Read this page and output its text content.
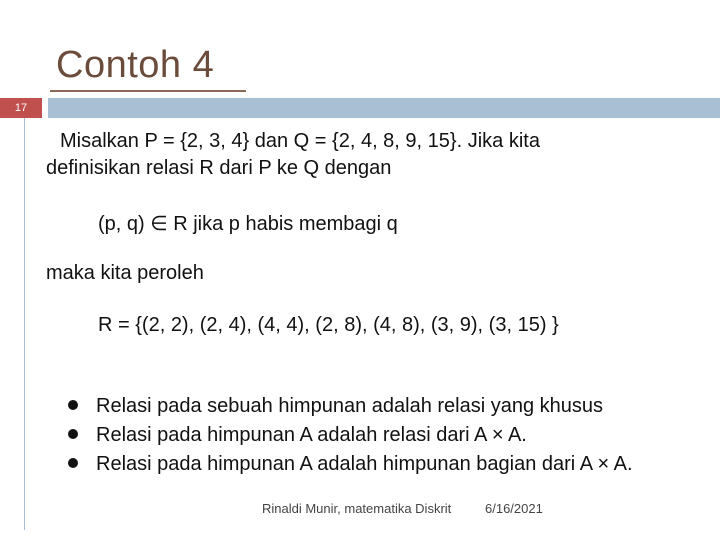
Contoh 4
17
Misalkan P = {2, 3, 4} dan Q = {2, 4, 8, 9, 15}. Jika kita
definisikan relasi R dari P ke Q dengan
(p, q) ∈ R jika p habis membagi q
maka kita peroleh
R = {(2, 2), (2, 4), (4, 4), (2, 8), (4, 8), (3, 9), (3, 15) }
Relasi pada sebuah himpunan adalah relasi yang khusus
Relasi pada himpunan A adalah relasi dari A × A.
Relasi pada himpunan A adalah himpunan bagian dari A × A.
Rinaldi Munir, matematika Diskrit	6/16/2021
